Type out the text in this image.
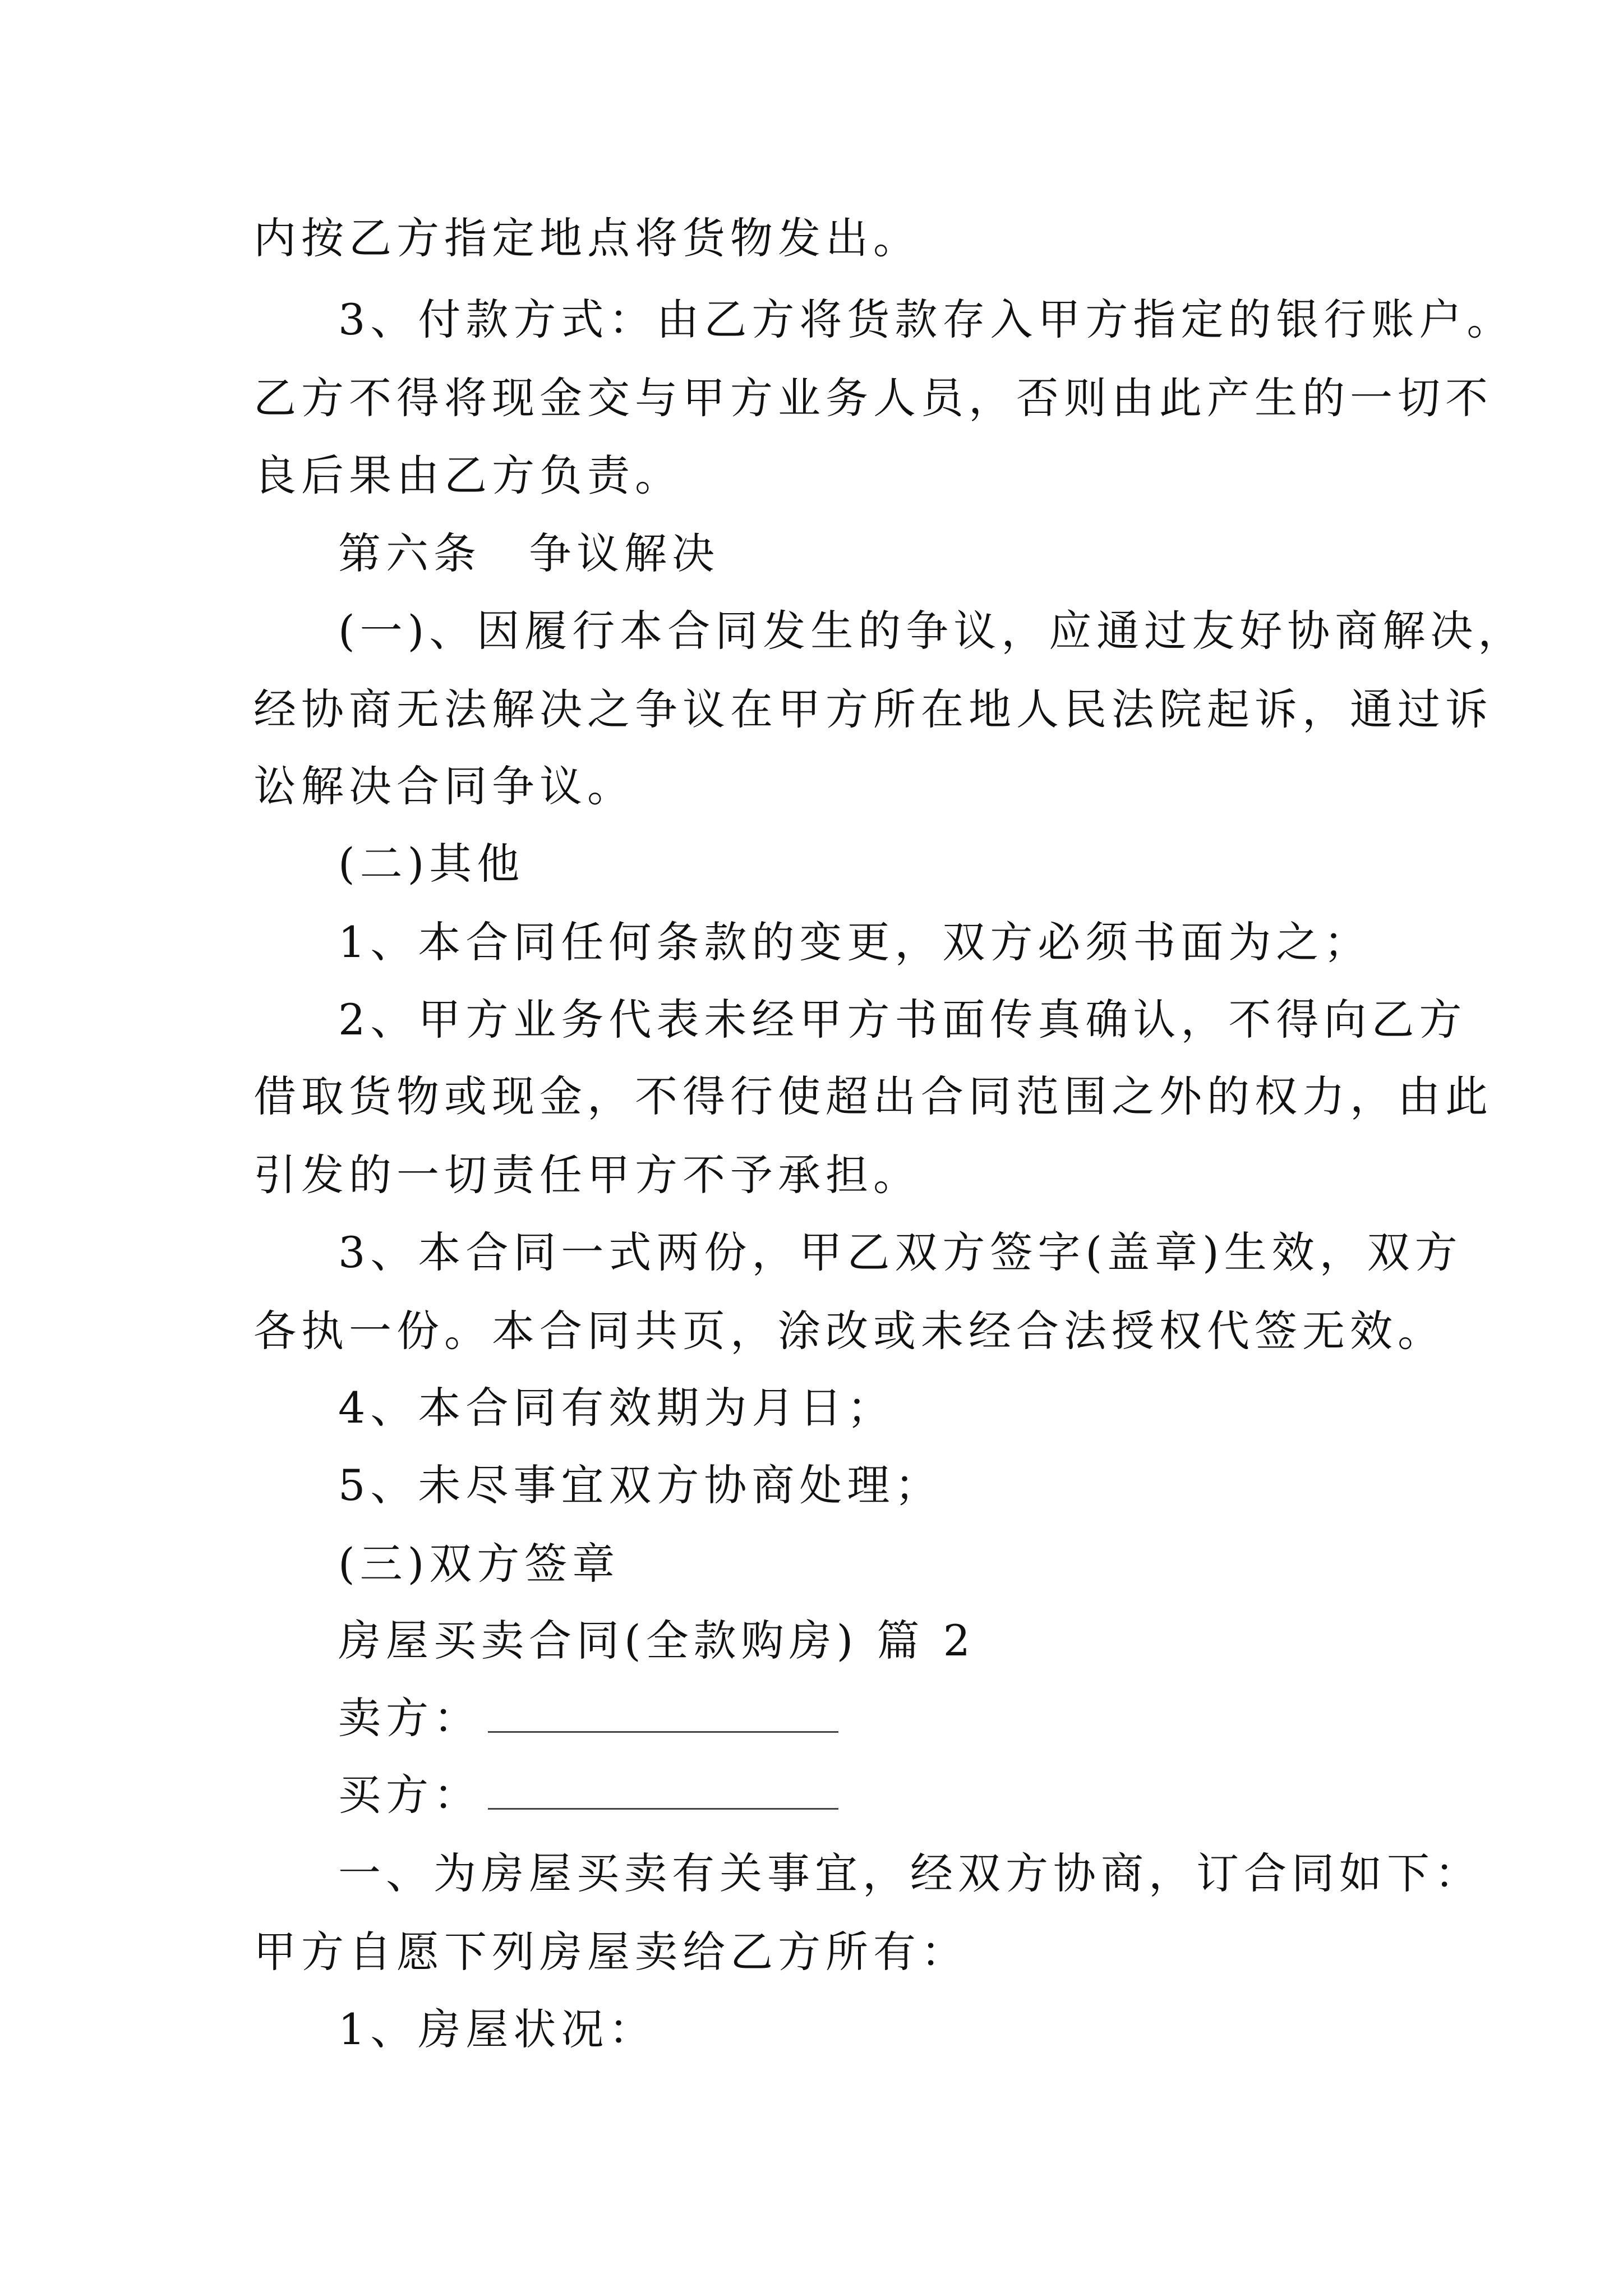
内按乙方指定地点将货物发出。
3、付款方式：由乙方将货款存入甲方指定的银行账户。
乙方不得将现金交与甲方业务人员，否则由此产生的一切不
良后果由乙方负责。
第六条　争议解决
(一)、因履行本合同发生的争议，应通过友好协商解决，
经协商无法解决之争议在甲方所在地人民法院起诉，通过诉
讼解决合同争议。
(二)其他
1、本合同任何条款的变更，双方必须书面为之；
2、甲方业务代表未经甲方书面传真确认，不得向乙方
借取货物或现金，不得行使超出合同范围之外的权力，由此
引发的一切责任甲方不予承担。
3、本合同一式两份，甲乙双方签字(盖章)生效，双方
各执一份。本合同共页，涂改或未经合法授权代签无效。
4、本合同有效期为月日；
5、未尽事宜双方协商处理；
(三)双方签章
房屋买卖合同(全款购房) 篇 2
卖方：
买方：
一、为房屋买卖有关事宜，经双方协商，订合同如下：
甲方自愿下列房屋卖给乙方所有：
1、房屋状况：
